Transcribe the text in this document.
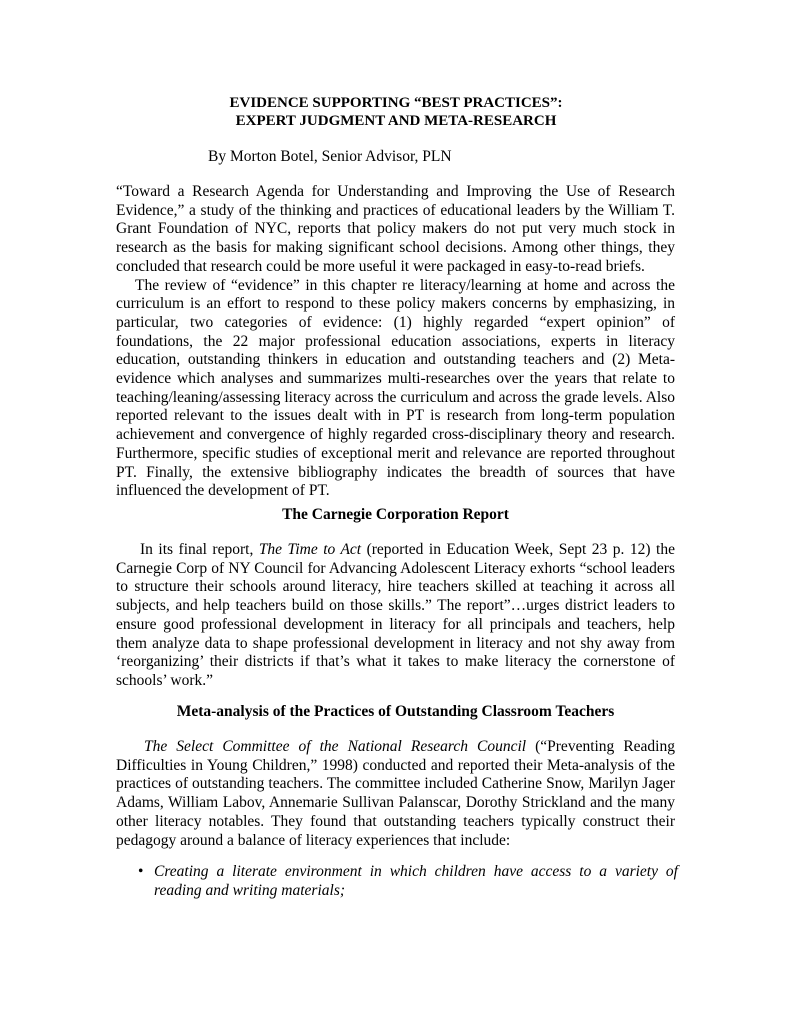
EVIDENCE SUPPORTING “BEST PRACTICES”:
EXPERT JUDGMENT AND META-RESEARCH
By Morton Botel, Senior Advisor, PLN

“Toward a Research Agenda for Understanding and Improving the Use of Research Evidence,” a study of the thinking and practices of educational leaders by the William T. Grant Foundation of NYC, reports that policy makers do not put very much stock in research as the basis for making significant school decisions. Among other things, they concluded that research could be more useful it were packaged in easy-to-read briefs.

The review of “evidence” in this chapter re literacy/learning at home and across the curriculum is an effort to respond to these policy makers concerns by emphasizing, in particular, two categories of evidence: (1) highly regarded “expert opinion” of foundations, the 22 major professional education associations, experts in literacy education, outstanding thinkers in education and outstanding teachers and (2) Meta-evidence which analyses and summarizes multi-researches over the years that relate to teaching/leaning/assessing literacy across the curriculum and across the grade levels. Also reported relevant to the issues dealt with in PT is research from long-term population achievement and convergence of highly regarded cross-disciplinary theory and research. Furthermore, specific studies of exceptional merit and relevance are reported throughout PT. Finally, the extensive bibliography indicates the breadth of sources that have influenced the development of PT.

The Carnegie Corporation Report

In its final report, The Time to Act (reported in Education Week, Sept 23 p. 12) the Carnegie Corp of NY Council for Advancing Adolescent Literacy exhorts “school leaders to structure their schools around literacy, hire teachers skilled at teaching it across all subjects, and help teachers build on those skills.” The report”…urges district leaders to ensure good professional development in literacy for all principals and teachers, help them analyze data to shape professional development in literacy and not shy away from ‘reorganizing’ their districts if that’s what it takes to make literacy the cornerstone of schools’ work.”

Meta-analysis of the Practices of Outstanding Classroom Teachers

The Select Committee of the National Research Council (“Preventing Reading Difficulties in Young Children,” 1998) conducted and reported their Meta-analysis of the practices of outstanding teachers. The committee included Catherine Snow, Marilyn Jager Adams, William Labov, Annemarie Sullivan Palanscar, Dorothy Strickland and the many other literacy notables. They found that outstanding teachers typically construct their pedagogy around a balance of literacy experiences that include:

• Creating a literate environment in which children have access to a variety of reading and writing materials;
